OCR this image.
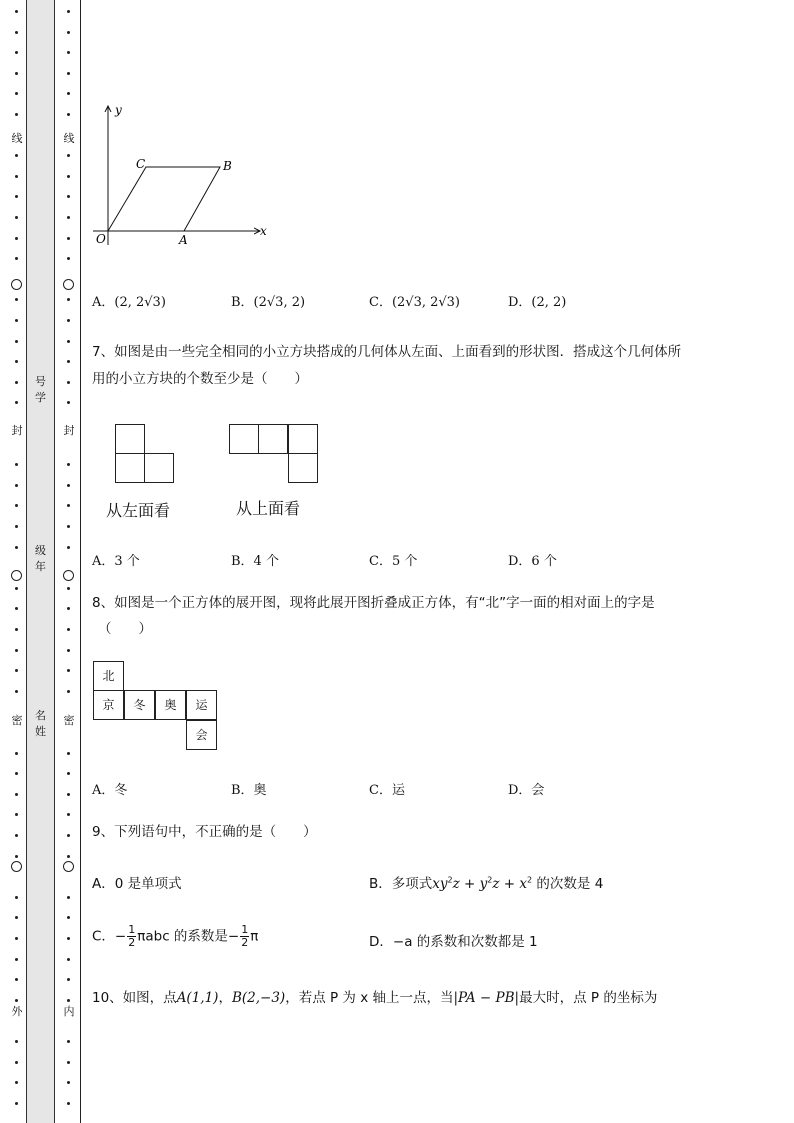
线
封
密
外
线
封
密
内
号
学
级
年
名
姓
y
x
O	A
B
C
A．(2, 2√3)	B．(2√3, 2)	C．(2√3, 2√3)	D．(2, 2)
7、如图是由一些完全相同的小立方块搭成的几何体从左面、上面看到的形状图．搭成这个几何体所
用的小立方块的个数至少是（　　）
从左面看	从上面看
A．3 个	B．4 个	C．5 个	D．6 个
8、如图是一个正方体的展开图，现将此展开图折叠成正方体，有“北”字一面的相对面上的字是
（　　）
北
京	冬	奥	运
会
A．冬	B．奥	C．运	D．会
9、下列语句中，不正确的是（　　）
A．0 是单项式	B．多项式$xy^2z + y^2z + x^2$ 的次数是 4
C．− $\frac{1}{2}$ πabc 的系数是− $\frac{1}{2}$ π	D．−a 的系数和次数都是 1
10、如图，点A(1,1)，B(2,−3)，若点 P 为 x 轴上一点，当|PA − PB|最大时，点 P 的坐标为
